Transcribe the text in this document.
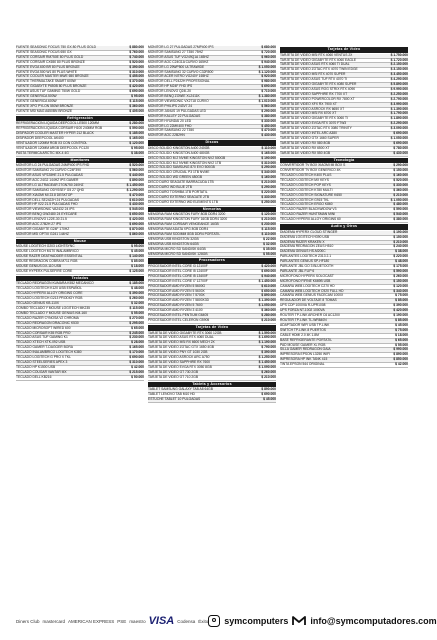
FUENTE SEASONIC FOCUS 750 GX 80 PLUS GOLD	$ 880.000
FUENTE SEASONIC FOCUS 650 GX	$ 760.000
FUENTE CORSAIR RM750E 80 PLUS GOLD	$ 740.000
FUENTE CORSAIR CX650 80 PLUS BRONZE	$ 520.000
FUENTE EVGA 600 BR 80 PLUS BRONZE	$ 390.000
FUENTE EVGA 500 W1 80 PLUS WHITE	$ 310.000
FUENTE COOLER MASTER MWE 650 BRONZE	$ 455.000
FUENTE THERMALTAKE SMART 600W	$ 370.000
FUENTE GIGABYTE P650B 80 PLUS BRONZE	$ 420.000
FUENTE ASUS TUF GAMING 750W GOLD	$ 690.000
FUENTE GENERICA 500W	$ 95.000
FUENTE GENERICA 600W	$ 115.000
FUENTE XPG PYLON 550W BRONZE	$ 360.000
FUENTE MSI MAG A650BN BRONZE	$ 405.000
Refrigeración
REFRIGERACION LIQUIDA DEEPCOOL LE500 120MM	$ 280.000
REFRIGERACION LIQUIDA CORSAIR H100 240MM RGB	$ 590.000
DISIPADOR COOLER MASTER HYPER 212 BLACK	$ 185.000
DISIPADOR DEEPCOOL AK400	$ 165.000
VENTILADOR 120MM RGB X3 CON CONTROL	$ 120.000
VENTILADOR 120MM ARGB DEEPCOOL FC120	$ 95.000
PASTA TERMICA ARCTIC MX-4 4G	$ 38.000
Monitores
MONITOR LG 24 PULGADAS 24MP400 IPS FHD	$ 520.000
MONITOR SAMSUNG 24 CURVO C24F390	$ 560.000
MONITOR ASUS VP228HE 21.5 PULGADAS	$ 440.000
MONITOR AOC 24G2 144HZ IPS GAMER	$ 890.000
MONITOR LG ULTRAGEAR 27GN750 240HZ	$ 1.450.000
MONITOR SAMSUNG ODYSSEY G5 27 QHD	$ 1.290.000
MONITOR XIAOMI MI 23.8 DESKTOP	$ 470.000
MONITOR DELL SE2422H 24 PULGADAS	$ 610.000
MONITOR HP V22 21.5 PULGADAS FHD	$ 430.000
MONITOR VIEWSONIC VA2432 24 IPS	$ 545.000
MONITOR BENQ GW2480 24 EYECARE	$ 650.000
MONITOR LENOVO L22E-30 21.5	$ 420.000
MONITOR AOC 27B2H 27 IPS	$ 690.000
MONITOR GIGABYTE G24F 170HZ	$ 870.000
MONITOR MSI OPTIX G241 144HZ	$ 860.000
Mouse
MOUSE LOGITECH G203 LIGHTSYNC	$ 95.000
MOUSE LOGITECH M170 INALAMBRICO	$ 45.000
MOUSE RAZER DEATHADDER ESSENTIAL	$ 140.000
MOUSE REDRAGON COBRA M711 RGB	$ 85.000
MOUSE GENIUS DX-110 USB	$ 18.000
MOUSE HYPERX PULSEFIRE CORE	$ 125.000
Teclados
TECLADO REDRAGON KUMARA K552 MECANICO	$ 185.000
TECLADO LOGITECH K120 USB ESPAÑOL	$ 48.000
TECLADO HYPERX ALLOY ORIGINS CORE	$ 390.000
TECLADO LOGITECH G213 PRODIGY RGB	$ 260.000
TECLADO GENIUS KB-110X	$ 32.000
COMBO TECLADO Y MOUSE LOGITECH MK235	$ 115.000
COMBO TECLADO Y MOUSE GENIUS KM-160	$ 55.000
TECLADO RAZER CYNOSA V2 CHROMA	$ 270.000
TECLADO REDRAGON DRACONIC K530	$ 295.000
TECLADO MICROSOFT WIRED 600	$ 65.000
TECLADO CORSAIR K55 RGB PRO	$ 245.000
TECLADO ASUS TUF GAMING K1	$ 230.000
TECLADO XTECH XTK-092 USB	$ 28.000
TECLADO GAMER T-DAGGER BORA	$ 165.000
TECLADO INALAMBRICO LOGITECH K380	$ 170.000
TECLADO LOGITECH G PRO X TKL	$ 690.000
TECLADO STEELSERIES APEX 3	$ 310.000
TECLADO HP K1500 USB	$ 42.000
TECLADO COUGAR VANTAR MX	$ 215.000
TECLADO DELL KB216	$ 50.000
MONITOR LG 27 PULGADAS 27MP400 IPS	$ 680.000
MONITOR SAMSUNG 27 T350 75HZ	$ 720.000
MONITOR ASUS TUF VG249Q1A 165HZ	$ 960.000
MONITOR AOC C24G1A CURVO 165HZ	$ 940.000
MONITOR LG 29WP500 ULTRAWIDE	$ 1.050.000
MONITOR SAMSUNG 32 CURVO C32R500	$ 1.120.000
MONITOR ACER NITRO VG240Y 165HZ	$ 920.000
MONITOR DELL P2422H PROFESIONAL	$ 980.000
MONITOR HP M24F FHD IPS	$ 690.000
MONITOR LENOVO Q24I-20	$ 710.000
MONITOR BENQ ZOWIE XL2411K	$ 1.380.000
MONITOR VIEWSONIC VX2718 CURVO	$ 1.010.000
MONITOR PHILIPS 243V7 24	$ 560.000
MONITOR JANUS 19 PULGADAS LED	$ 290.000
MONITOR KALLEY 22 PULGADAS	$ 380.000
MONITOR HYUNDAI 20 LED	$ 330.000
MONITOR LG 22MK400 FHD	$ 450.000
MONITOR SAMSUNG 22 T350	$ 470.000
MONITOR AOC 22B2HN	$ 430.000
Discos
DISCO SOLIDO KINGSTON A400 240GB	$ 110.000
DISCO SOLIDO KINGSTON A400 480GB	$ 165.000
DISCO SOLIDO M.2 NVME KINGSTON NV2 500GB	$ 190.000
DISCO SOLIDO M.2 NVME KINGSTON NV2 1TB	$ 310.000
DISCO SOLIDO SAMSUNG 870 EVO 500GB	$ 290.000
DISCO SOLIDO CRUCIAL P3 1TB NVME	$ 340.000
DISCO SOLIDO WD GREEN 480GB	$ 160.000
DISCO DURO SEAGATE BARRACUDA 1TB	$ 210.000
DISCO DURO WD BLUE 2TB	$ 290.000
DISCO DURO TOSHIBA 1TB PORTATIL	$ 220.000
DISCO DURO EXTERNO SEAGATE 2TB	$ 330.000
DISCO DURO EXTERNO WD ELEMENTS 1TB	$ 250.000
Memorias
MEMORIA RAM KINGSTON FURY 8GB DDR4 3200	$ 120.000
MEMORIA RAM KINGSTON FURY 16GB DDR4 3200	$ 210.000
MEMORIA RAM CORSAIR VENGEANCE 16GB	$ 230.000
MEMORIA RAM ADATA XPG 8GB DDR4	$ 115.000
MEMORIA RAM SODIMM 8GB DDR4 PORTATIL	$ 110.000
MEMORIA USB KINGSTON 32GB	$ 22.000
MEMORIA USB KINGSTON 64GB	$ 32.000
MEMORIA MICRO SD SANDISK 64GB	$ 35.000
MEMORIA MICRO SD SANDISK 128GB	$ 55.000
Procesadores
PROCESADOR INTEL CORE I3 12100F	$ 420.000
PROCESADOR INTEL CORE I5 12400F	$ 690.000
PROCESADOR INTEL CORE I5 13400F	$ 940.000
PROCESADOR INTEL CORE I7 12700F	$ 1.450.000
PROCESADOR AMD RYZEN 5 5600G	$ 610.000
PROCESADOR AMD RYZEN 5 5600X	$ 650.000
PROCESADOR AMD RYZEN 7 5700X	$ 890.000
PROCESADOR AMD RYZEN 7 5800X3D	$ 1.390.000
PROCESADOR AMD RYZEN 5 7600	$ 1.050.000
PROCESADOR AMD RYZEN 3 4100	$ 360.000
PROCESADOR INTEL PENTIUM G6405	$ 280.000
PROCESADOR INTEL CELERON G5905	$ 210.000
Tarjetas de Video
TARJETA DE VIDEO GIGABYTE RTX 3060 12GB	$ 1.590.000
TARJETA DE VIDEO ASUS RTX 4060 DUAL	$ 1.690.000
TARJETA DE VIDEO MSI RX 6600 MECH 2X	$ 1.190.000
TARJETA DE VIDEO ZOTAC GTX 1650 4GB	$ 790.000
TARJETA DE VIDEO PNY GT 1030 2GB	$ 390.000
TARJETA DE VIDEO ASROCK ARC A750	$ 1.250.000
TARJETA DE VIDEO SAPPHIRE RX 7600	$ 1.450.000
TARJETA DE VIDEO EVGA RTX 3050 8GB	$ 1.090.000
TARJETA DE VIDEO GT 730 2GB	$ 260.000
TARJETA DE VIDEO GT 710 2GB	$ 210.000
Tablets y Accesorios
TABLET SAMSUNG GALAXY TAB A8 64GB	$ 890.000
TABLET LENOVO TAB M10 HD	$ 690.000
ESTUCHE TABLET 10 PULGADAS	$ 45.000
Tarjetas de Video
TARJETA DE VIDEO MSI RTX 4060 VENTUS 2X	$ 1.750.000
TARJETA DE VIDEO GIGABYTE RTX 4060 EAGLE	$ 1.720.000
TARJETA DE VIDEO ASUS RTX 4060 TI DUAL	$ 2.150.000
TARJETA DE VIDEO ZOTAC RTX 4070 TWIN EDGE	$ 3.150.000
TARJETA DE VIDEO MSI RTX 4070 SUPER	$ 3.450.000
TARJETA DE VIDEO ASUS TUF RTX 4070 TI	$ 4.290.000
TARJETA DE VIDEO GIGABYTE RTX 4080 SUPER	$ 5.890.000
TARJETA DE VIDEO ASUS ROG STRIX RTX 4090	$ 9.990.000
TARJETA DE VIDEO SAPPHIRE RX 7700 XT	$ 2.250.000
TARJETA DE VIDEO POWERCOLOR RX 7800 XT	$ 2.790.000
TARJETA DE VIDEO XFX RX 7900 XT	$ 3.990.000
TARJETA DE VIDEO ASROCK RX 6650 XT	$ 1.390.000
TARJETA DE VIDEO MSI RX 6700 XT	$ 1.790.000
TARJETA DE VIDEO GIGABYTE RTX 3060 TI	$ 1.890.000
TARJETA DE VIDEO EVGA RTX 3070 FTW3	$ 2.290.000
TARJETA DE VIDEO ZOTAC RTX 3080 TRINITY	$ 3.090.000
TARJETA DE VIDEO INTEL ARC A380	$ 690.000
TARJETA DE VIDEO GTX 1660 SUPER	$ 1.050.000
TARJETA DE VIDEO RX 580 8GB	$ 690.000
TARJETA DE VIDEO RX 6500 XT	$ 780.000
TARJETA DE VIDEO RX 550 4GB	$ 430.000
Tecnología
CONVERTIDOR TV BOX XIAOMI MI BOX S	$ 290.000
CONVERTIDOR TV BOX GENERICO 4K	$ 150.000
TECLADO LOGITECH K400 PLUS	$ 160.000
TECLADO LOGITECH MX KEYS	$ 520.000
TECLADO LOGITECH POP KEYS	$ 330.000
TECLADO LOGITECH K780 MULTI	$ 360.000
TECLADO LOGITECH SIGNATURE K650	$ 210.000
TECLADO LOGITECH G915 TKL	$ 1.050.000
TECLADO LOGITECH ERGO K860	$ 480.000
TECLADO RAZER BLACKWIDOW V3	$ 590.000
TECLADO RAZER HUNTSMAN MINI	$ 540.000
TECLADO HYPERX ALLOY ORIGINS 60	$ 380.000
Audio y Otros
DIADEMA HYPERX CLOUD STINGER	$ 190.000
DIADEMA LOGITECH H390 USB	$ 150.000
DIADEMA RAZER KRAKEN X	$ 210.000
DIADEMA REDRAGON ZEUS H510	$ 240.000
DIADEMA GENIUS HS-M200C	$ 38.000
PARLANTES LOGITECH Z313 2.1	$ 220.000
PARLANTES GENIUS SP-HF180	$ 48.000
PARLANTE JBL GO 3 BLUETOOTH	$ 175.000
PARLANTE JBL FLIP 6	$ 590.000
MICROFONO HYPERX SOLOCAST	$ 260.000
MICROFONO FIFINE K669B USB	$ 150.000
CAMARA WEB LOGITECH C270 HD	$ 120.000
CAMARA WEB LOGITECH C920 FULL HD	$ 340.000
CAMARA WEB GENIUS FACECAM 1000X	$ 75.000
REGULADOR DE VOLTAJE 8 TOMAS	$ 85.000
UPS CDP 1000VA R-UPR1008	$ 390.000
UPS FORZA NT-1002 1000VA	$ 420.000
ROUTER TP-LINK ARCHER C6 AC1200	$ 190.000
ROUTER TP-LINK TL-WR840N	$ 85.000
ADAPTADOR WIFI USB TP-LINK	$ 45.000
SWITCH TP-LINK 8 PUERTOS	$ 75.000
CABLE HDMI 2.0 4K 1.8M	$ 18.000
BASE REFRIGERANTE PORTATIL	$ 65.000
PAD MOUSE GAMER XL RGB	$ 55.000
SILLA GAMER REDRAGON GAIA	$ 990.000
IMPRESORA EPSON L3250 WIFI	$ 890.000
IMPRESORA HP INK TANK 415	$ 850.000
TINTA EPSON 544 ORIGINAL	$ 42.000
Diners Club mastercard AMERICAN EXPRESS PSE maestro VISA Codensa Éxito symcomputers info@symcomputadores.com
